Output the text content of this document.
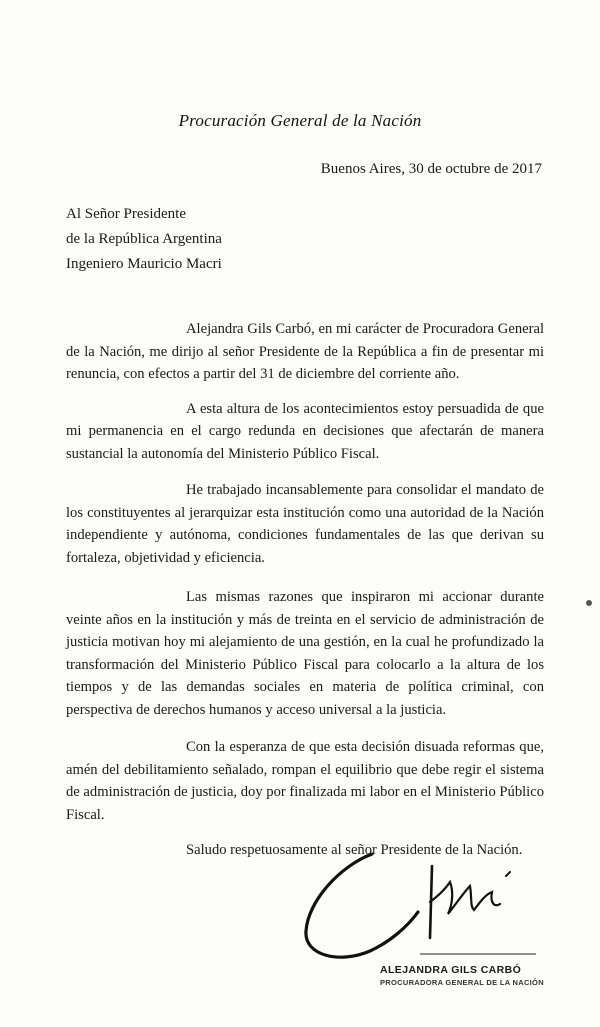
Procuración General de la Nación
Buenos Aires, 30 de octubre de 2017
Al Señor Presidente
de la República Argentina
Ingeniero Mauricio Macri

Alejandra Gils Carbó, en mi carácter de Procuradora General de la Nación, me dirijo al señor Presidente de la República a fin de presentar mi renuncia, con efectos a partir del 31 de diciembre del corriente año.

A esta altura de los acontecimientos estoy persuadida de que mi permanencia en el cargo redunda en decisiones que afectarán de manera sustancial la autonomía del Ministerio Público Fiscal.

He trabajado incansablemente para consolidar el mandato de los constituyentes al jerarquizar esta institución como una autoridad de la Nación independiente y autónoma, condiciones fundamentales de las que derivan su fortaleza, objetividad y eficiencia.

Las mismas razones que inspiraron mi accionar durante veinte años en la institución y más de treinta en el servicio de administración de justicia motivan hoy mi alejamiento de una gestión, en la cual he profundizado la transformación del Ministerio Público Fiscal para colocarlo a la altura de los tiempos y de las demandas sociales en materia de política criminal, con perspectiva de derechos humanos y acceso universal a la justicia.

Con la esperanza de que esta decisión disuada reformas que, amén del debilitamiento señalado, rompan el equilibrio que debe regir el sistema de administración de justicia, doy por finalizada mi labor en el Ministerio Público Fiscal.

Saludo respetuosamente al señor Presidente de la Nación.

ALEJANDRA GILS CARBÓ
PROCURADORA GENERAL DE LA NACIÓN
